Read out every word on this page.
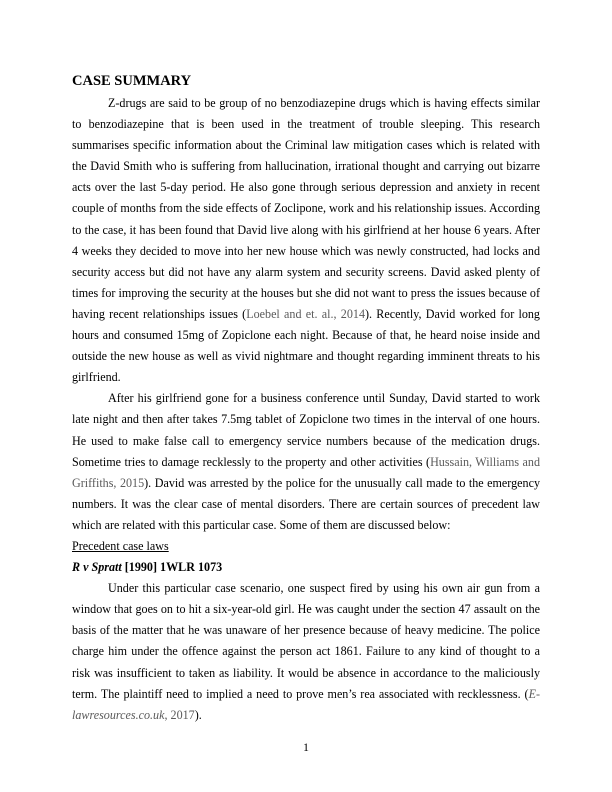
CASE SUMMARY

Z-drugs are said to be group of no benzodiazepine drugs which is having effects similar to benzodiazepine that is been used in the treatment of trouble sleeping. This research summarises specific information about the Criminal law mitigation cases which is related with the David Smith who is suffering from hallucination, irrational thought and carrying out bizarre acts over the last 5-day period. He also gone through serious depression and anxiety in recent couple of months from the side effects of Zoclipone, work and his relationship issues. According to the case, it has been found that David live along with his girlfriend at her house 6 years. After 4 weeks they decided to move into her new house which was newly constructed, had locks and security access but did not have any alarm system and security screens. David asked plenty of times for improving the security at the houses but she did not want to press the issues because of having recent relationships issues (Loebel and et. al., 2014). Recently, David worked for long hours and consumed 15mg of Zopiclone each night. Because of that, he heard noise inside and outside the new house as well as vivid nightmare and thought regarding imminent threats to his girlfriend.

After his girlfriend gone for a business conference until Sunday, David started to work late night and then after takes 7.5mg tablet of Zopiclone two times in the interval of one hours. He used to make false call to emergency service numbers because of the medication drugs. Sometime tries to damage recklessly to the property and other activities (Hussain, Williams and Griffiths, 2015). David was arrested by the police for the unusually call made to the emergency numbers. It was the clear case of mental disorders. There are certain sources of precedent law which are related with this particular case. Some of them are discussed below:

Precedent case laws
R v Spratt [1990] 1WLR 1073

Under this particular case scenario, one suspect fired by using his own air gun from a window that goes on to hit a six-year-old girl. He was caught under the section 47 assault on the basis of the matter that he was unaware of her presence because of heavy medicine. The police charge him under the offence against the person act 1861. Failure to any kind of thought to a risk was insufficient to taken as liability. It would be absence in accordance to the maliciously term. The plaintiff need to implied a need to prove men’s rea associated with recklessness. (E-lawresources.co.uk, 2017).

1
